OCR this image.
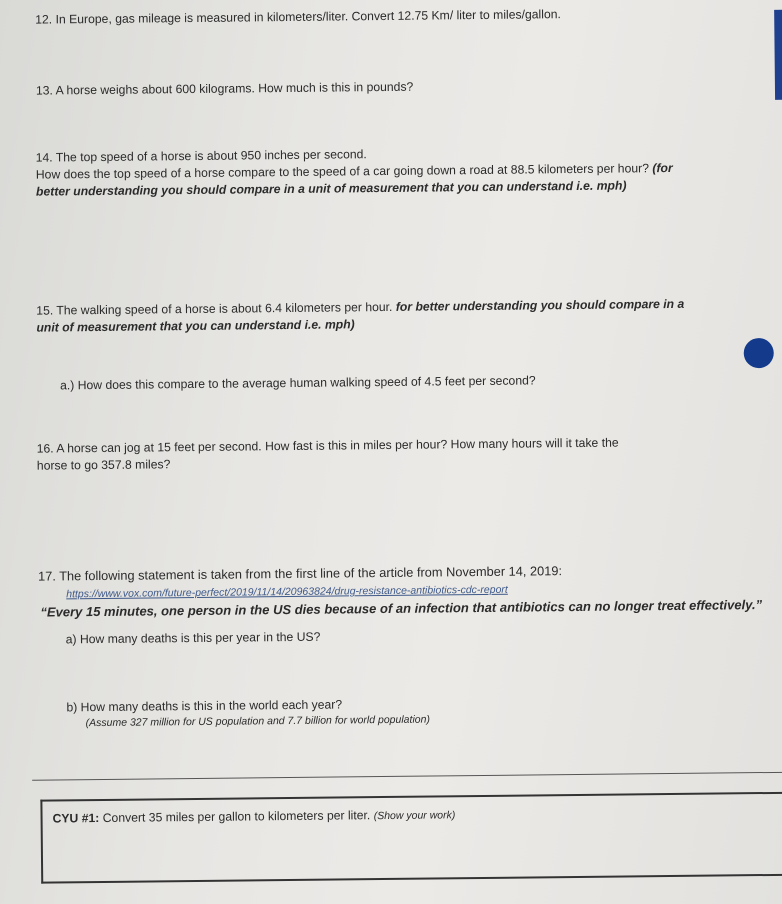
12. In Europe, gas mileage is measured in kilometers/liter. Convert 12.75 Km/ liter to miles/gallon.
13. A horse weighs about 600 kilograms. How much is this in pounds?
14. The top speed of a horse is about 950 inches per second.
How does the top speed of a horse compare to the speed of a car going down a road at 88.5 kilometers per hour? (for
better understanding you should compare in a unit of measurement that you can understand i.e. mph)
15. The walking speed of a horse is about 6.4 kilometers per hour. for better understanding you should compare in a
unit of measurement that you can understand i.e. mph)
a.) How does this compare to the average human walking speed of 4.5 feet per second?
16. A horse can jog at 15 feet per second. How fast is this in miles per hour? How many hours will it take the
horse to go 357.8 miles?
17. The following statement is taken from the first line of the article from November 14, 2019:
https://www.vox.com/future-perfect/2019/11/14/20963824/drug-resistance-antibiotics-cdc-report
“Every 15 minutes, one person in the US dies because of an infection that antibiotics can no longer treat effectively.”
a) How many deaths is this per year in the US?
b) How many deaths is this in the world each year?
(Assume 327 million for US population and 7.7 billion for world population)
CYU #1: Convert 35 miles per gallon to kilometers per liter. (Show your work)
